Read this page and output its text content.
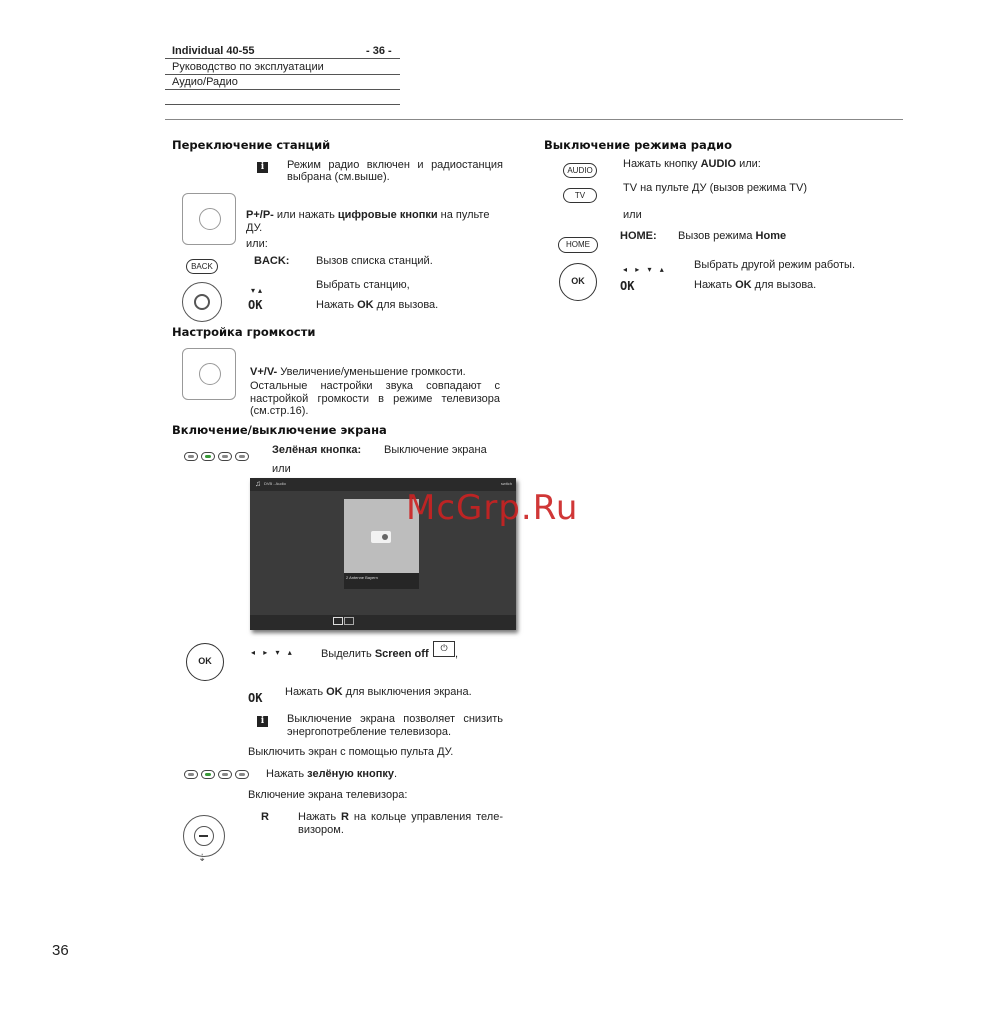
Individual 40-55	- 36 -
Руководство по эксплуатации
Аудио/Радио
Переключение станций
i	Режим радио включен и радиостанция выбрана (см.выше).
P+/P- или нажать цифровые кнопки на пульте ДУ.
или:
BACK	BACK: Вызов списка станций.
▾▴	Выбрать станцию,
OK	Нажать OK для вызова.
Настройка громкости
V+/V- Увеличение/уменьшение громкости.
Остальные настройки звука совпадают с настройкой громкости в режиме телевизора (см.стр.16).
Включение/выключение экрана
Зелёная кнопка: Выключение экрана
или
♫ DVB - Audio	switch
2 Antenne Bayern
McGrp.Ru
OK
◂ ▸ ▾ ▴ Выделить Screen off	⏻ ,
OK Нажать OK для выключения экрана.
i	Выключение экрана позволяет снизить энергопотребление телевизора.
Выключить экран с помощью пульта ДУ.
Нажать зелёную кнопку.
Включение экрана телевизора:
⇣
R	Нажать R на кольце управления теле-визором.
Выключение режима радио
AUDIO
Нажать кнопку AUDIO или:
TV
TV на пульте ДУ (вызов режима TV)
или
HOME
HOME: Вызов режима Home
OK
◂ ▸ ▾ ▴ Выбрать другой режим работы.
OK	Нажать OK для вызова.
36
